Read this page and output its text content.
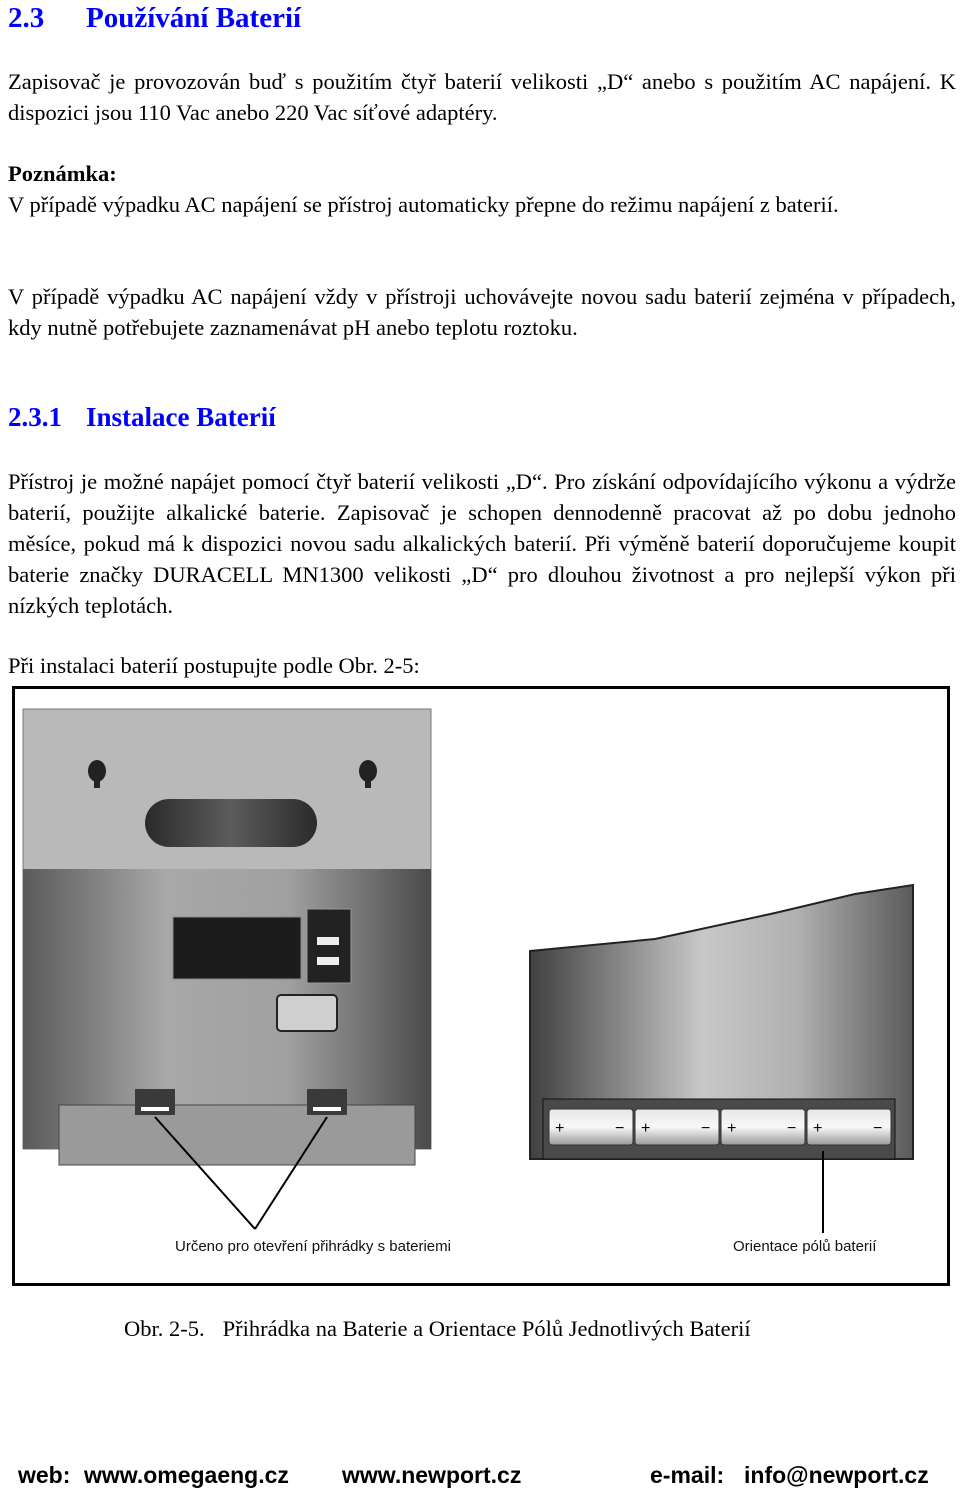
2.3 Používání Baterií
Zapisovač je provozován buď s použitím čtyř baterií velikosti „D“ anebo s použitím AC napájení. K dispozici jsou 110 Vac anebo 220 Vac síťové adaptéry.
Poznámka:
V případě výpadku AC napájení se přístroj automaticky přepne do režimu napájení z baterií.
V případě výpadku AC napájení vždy v přístroji uchovávejte novou sadu baterií zejména v případech, kdy nutně potřebujete zaznamenávat pH anebo teplotu roztoku.
2.3.1 Instalace Baterií
Přístroj je možné napájet pomocí čtyř baterií velikosti „D“. Pro získání odpovídajícího výkonu a výdrže baterií, použijte alkalické baterie. Zapisovač je schopen dennodenně pracovat až po dobu jednoho měsíce, pokud má k dispozici novou sadu alkalických baterií. Při výměně baterií doporučujeme koupit baterie značky DURACELL MN1300 velikosti „D“ pro dlouhou životnost a pro nejlepší výkon při nízkých teplotách.
Při instalaci baterií postupujte podle Obr. 2-5:
Určeno pro otevření přihrádky s bateriemi
+	− +	− +	− +	−
Orientace pólů baterií
Obr. 2-5. Přihrádka na Baterie a Orientace Pólů Jednotlivých Baterií
web: www.omegaeng.cz www.newport.cz	e-mail: info@newport.cz
